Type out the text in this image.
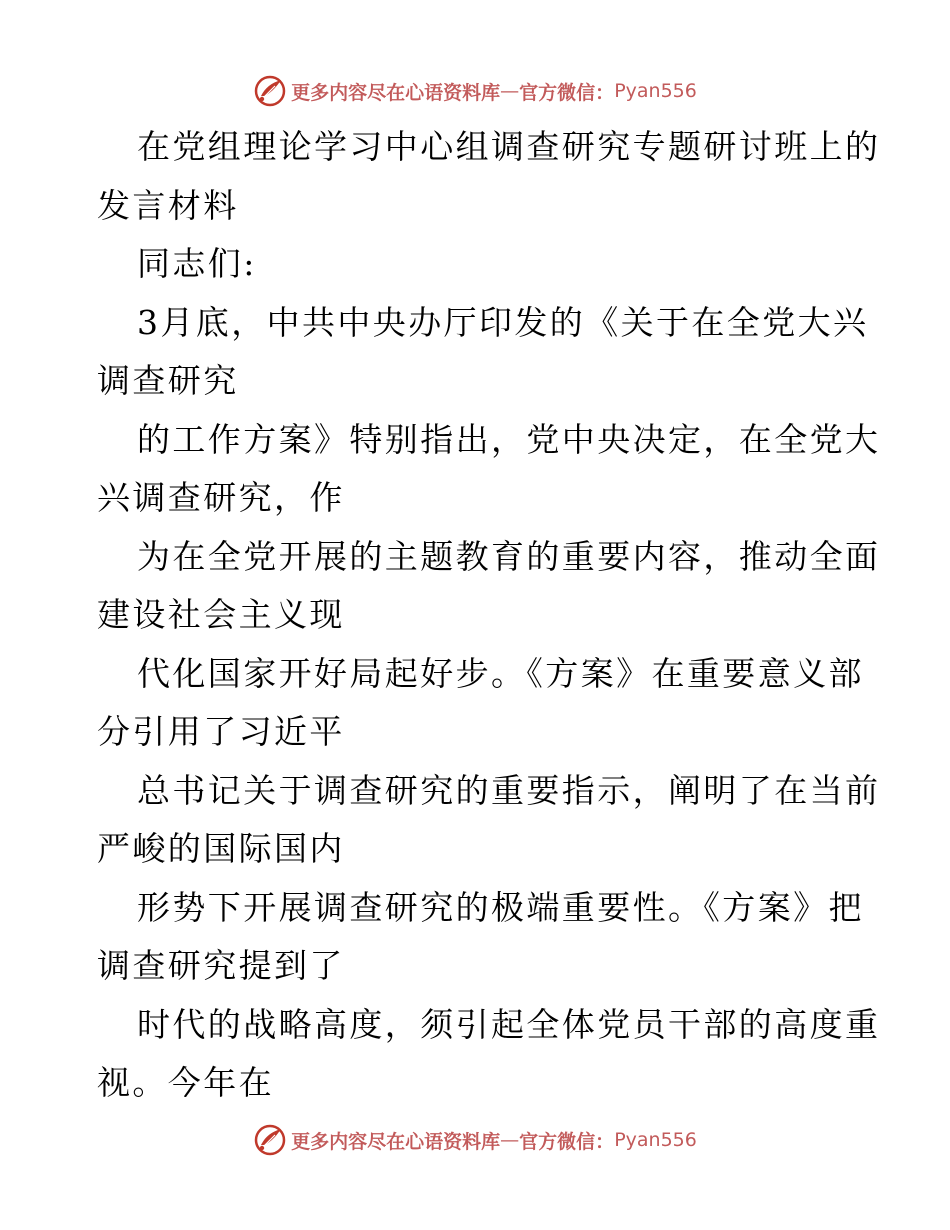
更多内容尽在心语资料库 — 官方微信： Pyan556
在党组理论学习中心组调查研究专题研讨班上的
发言材料
同志们:
3月底，中共中央办厅印发的《关于在全党大兴
调查研究
的工作方案》特别指出，党中央决定，在全党大
兴调查研究，作
为在全党开展的主题教育的重要内容，推动全面
建设社会主义现
代化国家开好局起好步。《方案》在重要意义部
分引用了习近平
总书记关于调查研究的重要指示，阐明了在当前
严峻的国际国内
形势下开展调查研究的极端重要性。《方案》把
调查研究提到了
时代的战略高度，须引起全体党员干部的高度重
视。今年在
更多内容尽在心语资料库 — 官方微信： Pyan556
